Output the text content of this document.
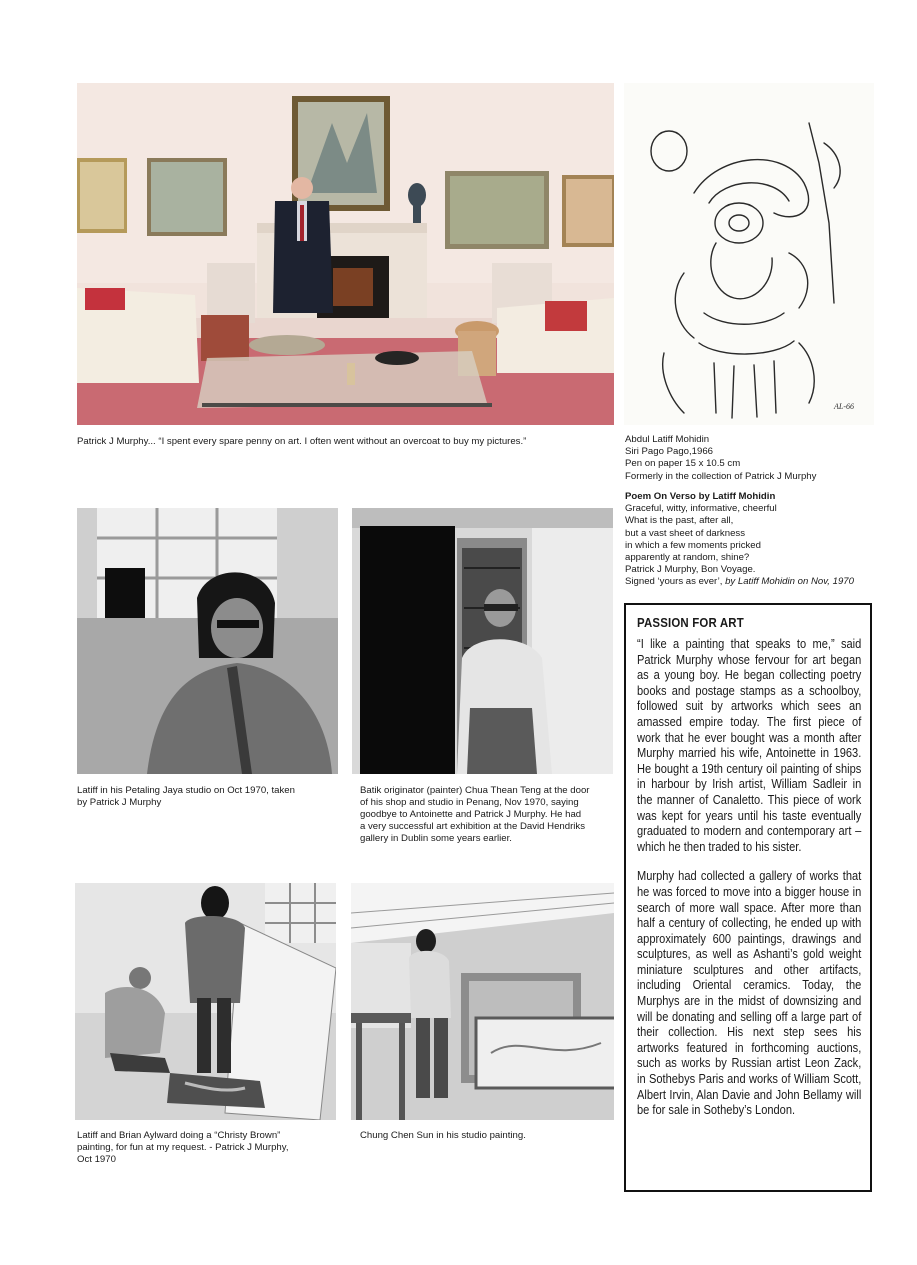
Patrick J Murphy... “I spent every spare penny on art. I often went without an overcoat to buy my pictures.”
AL-66
Abdul Latiff Mohidin
Siri Pago Pago,1966
Pen on paper 15 x 10.5 cm
Formerly in the collection of Patrick J Murphy
Poem On Verso by Latiff Mohidin
Graceful, witty, informative, cheerful
What is the past, after all,
but a vast sheet of darkness
in which a few moments pricked
apparently at random, shine?
Patrick J Murphy, Bon Voyage.
Signed ‘yours as ever’, by Latiff Mohidin on Nov, 1970
Latiff in his Petaling Jaya studio on Oct 1970, taken
by Patrick J Murphy
Batik originator (painter) Chua Thean Teng at the door
of his shop and studio in Penang, Nov 1970, saying
goodbye to Antoinette and Patrick J Murphy. He had
a very successful art exhibition at the David Hendriks
gallery in Dublin some years earlier.
Latiff and Brian Aylward doing a “Christy Brown”
painting, for fun at my request. - Patrick J Murphy,
Oct 1970
Chung Chen Sun in his studio painting.
PASSION FOR ART

“I like a painting that speaks to me,” said Patrick Murphy whose fervour for art began as a young boy. He began collecting poetry books and postage stamps as a schoolboy, followed suit by artworks which sees an amassed empire today. The first piece of work that he ever bought was a month after Murphy married his wife, Antoinette in 1963. He bought a 19th century oil painting of ships in harbour by Irish artist, William Sadleir in the manner of Canaletto. This piece of work was kept for years until his taste eventually graduated to modern and contemporary art – which he then traded to his sister.

Murphy had collected a gallery of works that he was forced to move into a bigger house in search of more wall space. After more than half a century of collecting, he ended up with approximately 600 paintings, drawings and sculptures, as well as Ashanti’s gold weight miniature sculptures and other artifacts, including Oriental ceramics. Today, the Murphys are in the midst of downsizing and will be donating and selling off a large part of their collection. His next step sees his artworks featured in forthcoming auctions, such as works by Russian artist Leon Zack, in Sothebys Paris and works of William Scott, Albert Irvin, Alan Davie and John Bellamy will be for sale in Sotheby’s London.
